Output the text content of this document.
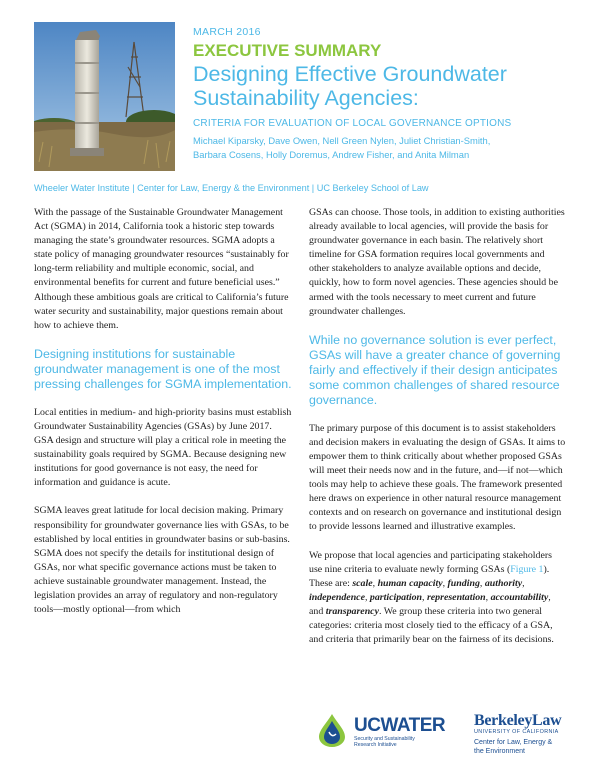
MARCH 2016
EXECUTIVE SUMMARY
Designing Effective Groundwater
Sustainability Agencies:
CRITERIA FOR EVALUATION OF LOCAL GOVERNANCE OPTIONS
Michael Kiparsky, Dave Owen, Nell Green Nylen, Juliet Christian-Smith,
Barbara Cosens, Holly Doremus, Andrew Fisher, and Anita Milman
Wheeler Water Institute | Center for Law, Energy & the Environment | UC Berkeley School of Law

With the passage of the Sustainable Groundwater Management Act (SGMA) in 2014, California took a historic step towards managing the state’s groundwater resources. SGMA adopts a state policy of managing groundwater resources “sustainably for long-term reliability and multiple economic, social, and environmental benefits for current and future beneficial uses.” Although these ambitious goals are critical to California’s future water security and sustainability, major questions remain about how to achieve them.

Designing institutions for sustainable groundwater management is one of the most pressing challenges for SGMA implementation.

Local entities in medium- and high-priority basins must establish Groundwater Sustainability Agencies (GSAs) by June 2017. GSA design and structure will play a critical role in meeting the sustainability goals required by SGMA. Because designing new institutions for good governance is not easy, the need for information and guidance is acute.

SGMA leaves great latitude for local decision making. Primary responsibility for groundwater governance lies with GSAs, to be established by local entities in groundwater basins or sub-basins. SGMA does not specify the details for institutional design of GSAs, nor what specific governance actions must be taken to achieve sustainable groundwater management. Instead, the legislation provides an array of regulatory and non-regulatory tools—mostly optional—from which

GSAs can choose. Those tools, in addition to existing authorities already available to local agencies, will provide the basis for groundwater governance in each basin. The relatively short timeline for GSA formation requires local governments and other stakeholders to analyze available options and decide, quickly, how to form novel agencies. These agencies should be armed with the tools necessary to meet current and future groundwater challenges.

While no governance solution is ever perfect, GSAs will have a greater chance of governing fairly and effectively if their design anticipates some common challenges of shared resource governance.

The primary purpose of this document is to assist stakeholders and decision makers in evaluating the design of GSAs. It aims to empower them to think critically about whether proposed GSAs will meet their needs now and in the future, and—if not—which tools may help to achieve these goals. The framework presented here draws on experience in other natural resource management contexts and on research on governance and institutional design to provide lessons learned and illustrative examples.

We propose that local agencies and participating stakeholders use nine criteria to evaluate newly forming GSAs (Figure 1). These are: scale, human capacity, funding, authority, independence, participation, representation, accountability, and transparency. We group these criteria into two general categories: criteria most closely tied to the efficacy of a GSA, and criteria that primarily bear on the fairness of its decisions.

UCWATER
Security and Sustainability
Research Initiative
BerkeleyLaw
UNIVERSITY OF CALIFORNIA
Center for Law, Energy &
the Environment
